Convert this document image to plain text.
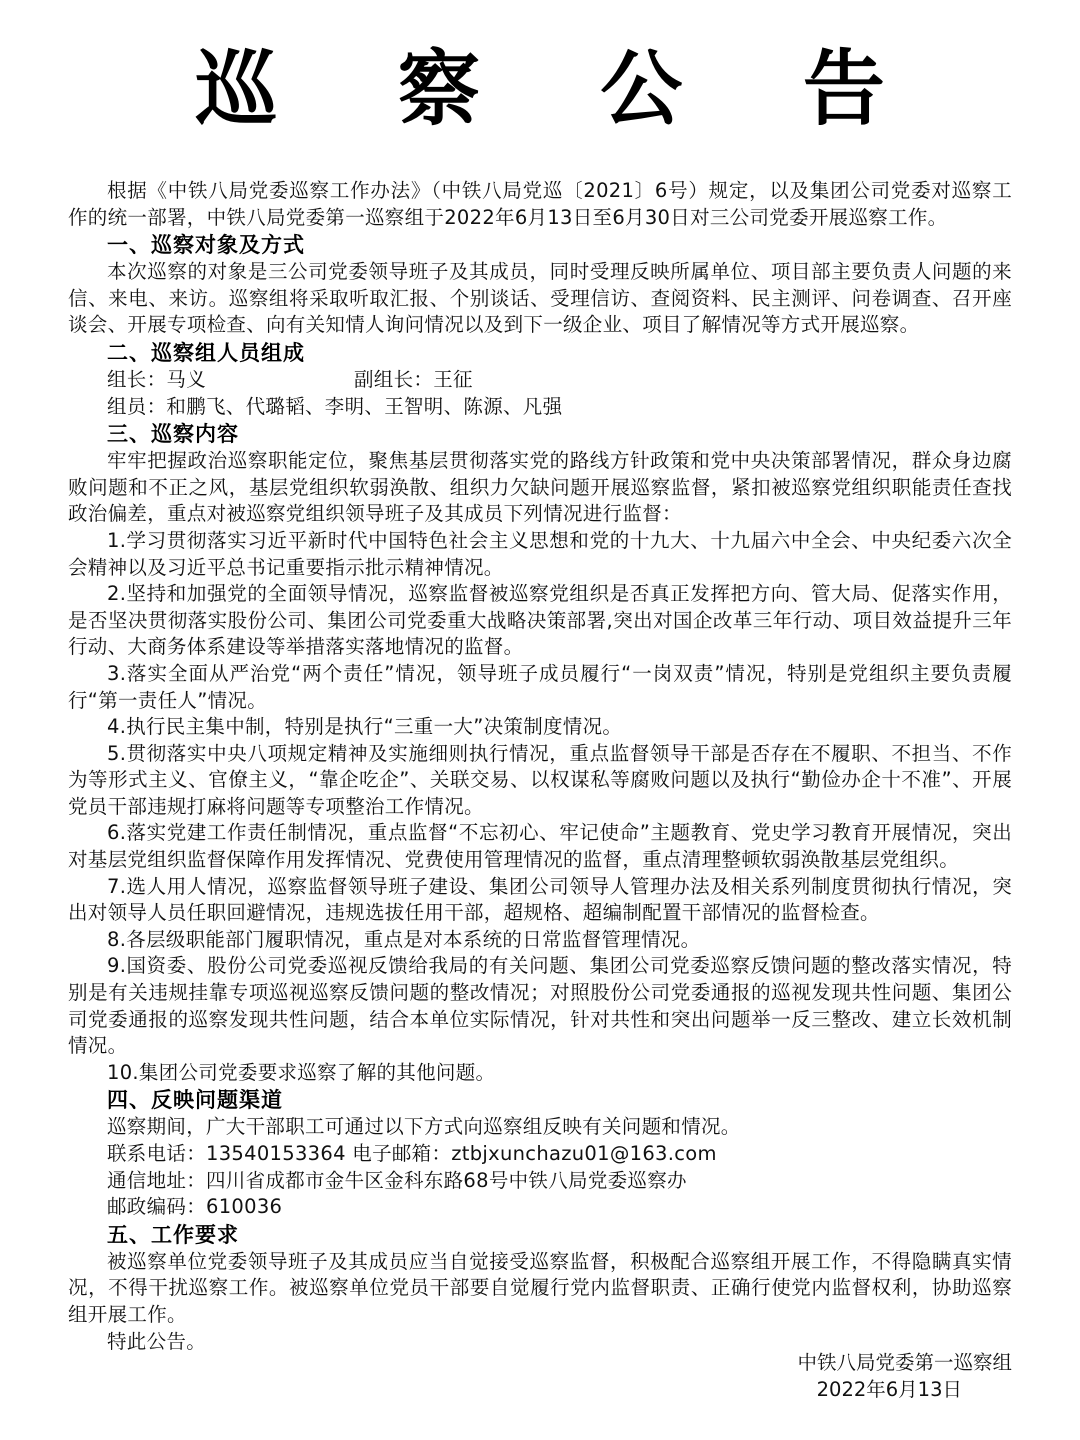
巡 察 公 告

根据《中铁八局党委巡察工作办法》（中铁八局党巡〔2021〕6号）规定，以及集团公司党委对巡察工作的统一部署，中铁八局党委第一巡察组于2022年6月13日至6月30日对三公司党委开展巡察工作。

一、巡察对象及方式

本次巡察的对象是三公司党委领导班子及其成员，同时受理反映所属单位、项目部主要负责人问题的来信、来电、来访。巡察组将采取听取汇报、个别谈话、受理信访、查阅资料、民主测评、问卷调查、召开座谈会、开展专项检查、向有关知情人询问情况以及到下一级企业、项目了解情况等方式开展巡察。

二、巡察组人员组成
组长：马义	副组长：王征
组员：和鹏飞、代璐韬、李明、王智明、陈源、凡强
三、巡察内容

牢牢把握政治巡察职能定位，聚焦基层贯彻落实党的路线方针政策和党中央决策部署情况，群众身边腐败问题和不正之风，基层党组织软弱涣散、组织力欠缺问题开展巡察监督，紧扣被巡察党组织职能责任查找政治偏差，重点对被巡察党组织领导班子及其成员下列情况进行监督：

1.学习贯彻落实习近平新时代中国特色社会主义思想和党的十九大、十九届六中全会、中央纪委六次全会精神以及习近平总书记重要指示批示精神情况。

2.坚持和加强党的全面领导情况，巡察监督被巡察党组织是否真正发挥把方向、管大局、促落实作用，是否坚决贯彻落实股份公司、集团公司党委重大战略决策部署,突出对国企改革三年行动、项目效益提升三年行动、大商务体系建设等举措落实落地情况的监督。

3.落实全面从严治党“两个责任”情况，领导班子成员履行“一岗双责”情况，特别是党组织主要负责履行“第一责任人”情况。

4.执行民主集中制，特别是执行“三重一大”决策制度情况。

5.贯彻落实中央八项规定精神及实施细则执行情况，重点监督领导干部是否存在不履职、不担当、不作为等形式主义、官僚主义，“靠企吃企”、关联交易、以权谋私等腐败问题以及执行“勤俭办企十不准”、开展党员干部违规打麻将问题等专项整治工作情况。

6.落实党建工作责任制情况，重点监督“不忘初心、牢记使命”主题教育、党史学习教育开展情况，突出对基层党组织监督保障作用发挥情况、党费使用管理情况的监督，重点清理整顿软弱涣散基层党组织。

7.选人用人情况，巡察监督领导班子建设、集团公司领导人管理办法及相关系列制度贯彻执行情况，突出对领导人员任职回避情况，违规选拔任用干部，超规格、超编制配置干部情况的监督检查。

8.各层级职能部门履职情况，重点是对本系统的日常监督管理情况。

9.国资委、股份公司党委巡视反馈给我局的有关问题、集团公司党委巡察反馈问题的整改落实情况，特别是有关违规挂靠专项巡视巡察反馈问题的整改情况；对照股份公司党委通报的巡视发现共性问题、集团公司党委通报的巡察发现共性问题，结合本单位实际情况，针对共性和突出问题举一反三整改、建立长效机制情况。

10.集团公司党委要求巡察了解的其他问题。

四、反映问题渠道
巡察期间，广大干部职工可通过以下方式向巡察组反映有关问题和情况。
联系电话：13540153364 电子邮箱：ztbjxunchazu01@163.com
通信地址：四川省成都市金牛区金科东路68号中铁八局党委巡察办
邮政编码：610036
五、工作要求

被巡察单位党委领导班子及其成员应当自觉接受巡察监督，积极配合巡察组开展工作，不得隐瞒真实情况，不得干扰巡察工作。被巡察单位党员干部要自觉履行党内监督职责、正确行使党内监督权利，协助巡察组开展工作。

特此公告。
中铁八局党委第一巡察组
2022年6月13日
